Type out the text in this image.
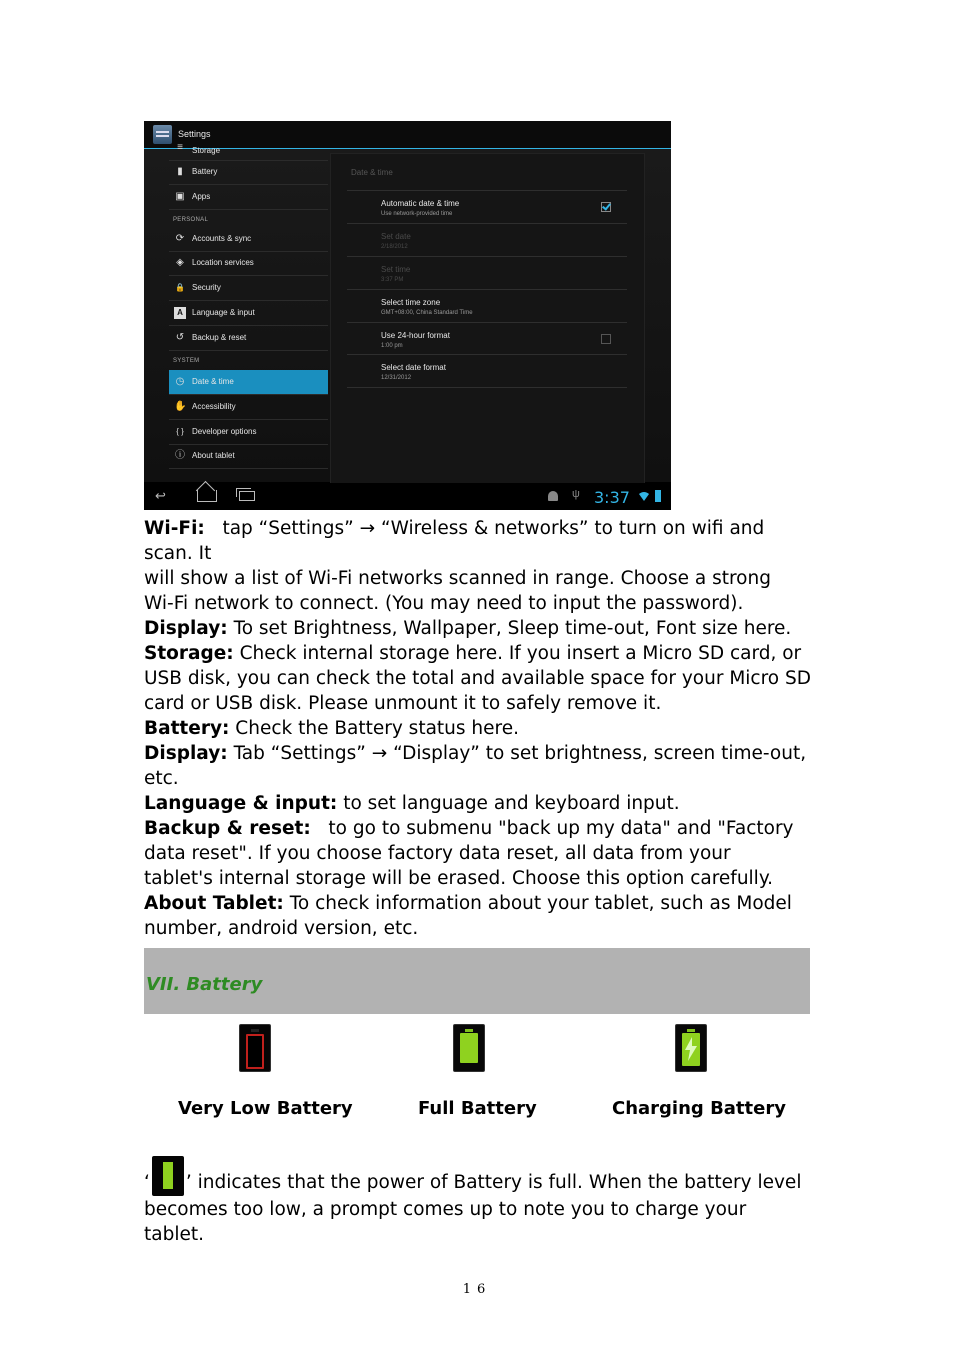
Settings
≡	Storage
▮	Battery
▣ Apps
PERSONAL
⟳ Accounts & sync
◈ Location services
🔒 Security
A	Language & input
↺ Backup & reset
SYSTEM
◷ Date & time
✋ Accessibility
{ }	Developer options
ⓘ About tablet
Date & time
Automatic date & time
Use network-provided time
Set date
2/18/2012
Set time
3:37 PM
Select time zone
GMT+08:00, China Standard Time
Use 24-hour format
1:00 pm
Select date format
12/31/2012
↩	ψ 3:37
Wi-Fi: tap “Settings” → “Wireless & networks” to turn on wifi and scan. It
will show a list of Wi-Fi networks scanned in range. Choose a strong
Wi-Fi network to connect. (You may need to input the password).
Display: To set Brightness, Wallpaper, Sleep time-out, Font size here.
Storage: Check internal storage here. If you insert a Micro SD card, or
USB disk, you can check the total and available space for your Micro SD
card or USB disk. Please unmount it to safely remove it.
Battery: Check the Battery status here.
Display: Tab “Settings” → “Display” to set brightness, screen time-out,
etc.
Language & input: to set language and keyboard input.
Backup & reset: to go to submenu "back up my data" and "Factory
data reset". If you choose factory data reset, all data from your
tablet's internal storage will be erased. Choose this option carefully.
About Tablet: To check information about your tablet, such as Model
number, android version, etc.
VII. Battery
Very Low Battery	Full Battery	Charging Battery
‘ ’ indicates that the power of Battery is full. When the battery level
becomes too low, a prompt comes up to note you to charge your
tablet.
16
